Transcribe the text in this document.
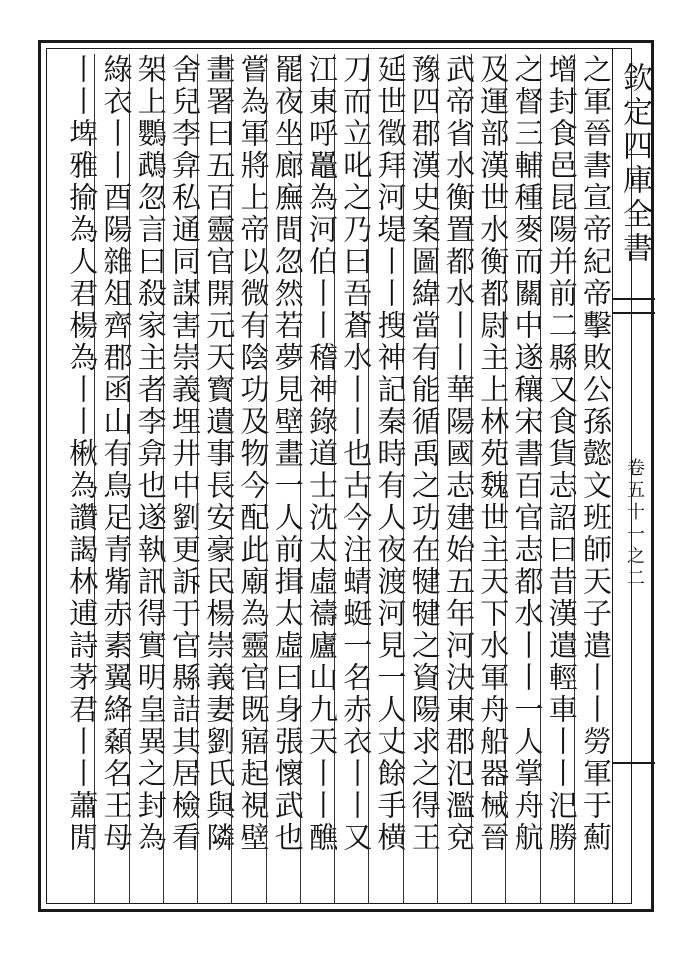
欽定四庫全書
卷五十一之二
之軍晉書宣帝紀帝擊敗公孫懿文班師天子遣丨丨勞軍于薊
增封食邑昆陽并前二縣又食貨志詔曰昔漢遣輕車丨丨汜勝
之督三輔種麥而關中遂穰宋書百官志都水丨丨一人掌舟航
及運部漢世水衡都尉主上林苑魏世主天下水軍舟船器械晉
武帝省水衡置都水丨丨華陽國志建始五年河決東郡氾濫兗
豫四郡漢史案圖緯當有能循禹之功在犍犍之資陽求之得王
延世徵拜河堤丨丨搜神記秦時有人夜渡河見一人丈餘手横
刀而立叱之乃曰吾蒼水丨丨也古今注蜻蜓一名赤衣丨丨又
江東呼鼉為河伯丨丨稽神錄道士沈太虛禱廬山九天丨丨醮
罷夜坐廊廡間忽然若夢見壁畫一人前揖太虛曰身張懷武也
嘗為軍將上帝以微有陰功及物今配此廟為靈官既寤起視壁
畫署曰五百靈官開元天寳遺事長安豪民楊崇義妻劉氏與隣
舍兒李弇私通同謀害崇義埋井中劉更訴于官縣詰其居檢看
架上鸚鵡忽言曰殺家主者李弇也遂執訊得實明皇異之封為
綠衣丨丨酉陽雜俎齊郡函山有鳥足青觜赤素翼絳顙名王母
丨丨埤雅揄為人君楊為丨丨楸為讚謁林逋詩茅君丨丨蕭閒
